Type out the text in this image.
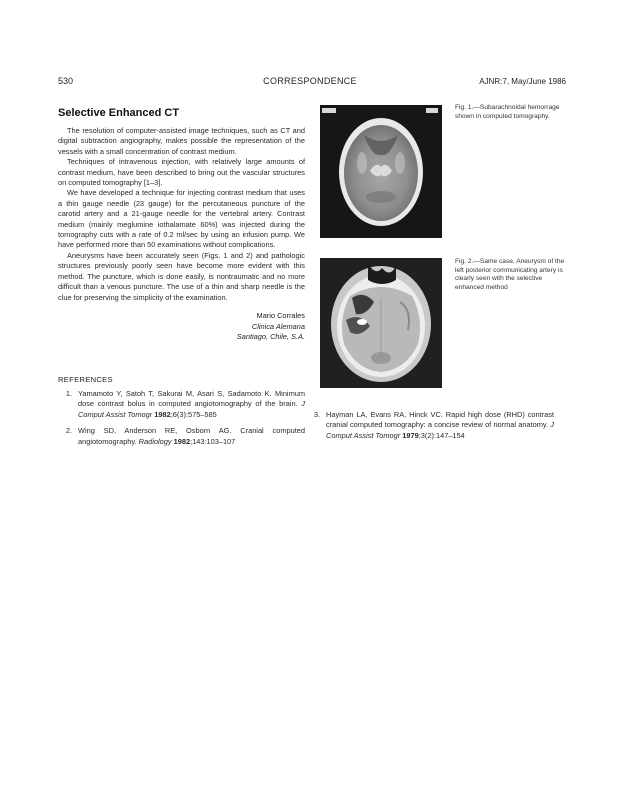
530	CORRESPONDENCE	AJNR:7, May/June 1986
Selective Enhanced CT

The resolution of computer-assisted image techniques, such as CT and digital subtraction angiography, makes possible the representation of the vessels with a small concentration of contrast medium.

Techniques of intravenous injection, with relatively large amounts of contrast medium, have been described to bring out the vascular structures on computed tomography [1–3].

We have developed a technique for injecting contrast medium that uses a thin gauge needle (23 gauge) for the percutaneous puncture of the carotid artery and a 21-gauge needle for the vertebral artery. Contrast medium (mainly meglumine iothalamate 60%) was injected during the tomography cuts with a rate of 0.2 ml/sec by using an infusion pump. We have performed more than 50 examinations without complications.

Aneurysms have been accurately seen (Figs. 1 and 2) and pathologic structures previously poorly seen have become more evident with this method. The puncture, which is done easily, is nontraumatic and no more difficult than a venous puncture. The use of a thin and sharp needle is the clue for preserving the simplicity of the examination.

Mario Corrales
Clinica Alemana
Santiago, Chile, S.A.
REFERENCES
1. Yamamoto Y, Satoh T, Sakurai M, Asari S, Sadamoto K. Minimum dose contrast bolus in computed angiotomography of the brain. J Comput Assist Tomogr 1982;6(3):575–585
2. Wing SD, Anderson RE, Osborn AG. Cranial computed angiotomography. Radiology 1982;143:103–107
3. Hayman LA, Evans RA, Hinck VC. Rapid high dose (RHD) contrast cranial computed tomography: a concise review of normal anatomy. J Comput Assist Tomogr 1979;3(2):147–154
Fig. 1.—Subarachnoidal hemorrage shown in computed tomography.
Fig. 2.—Same case. Aneurysm of the left posterior communicating artery is clearly seen with the selective enhanced method
